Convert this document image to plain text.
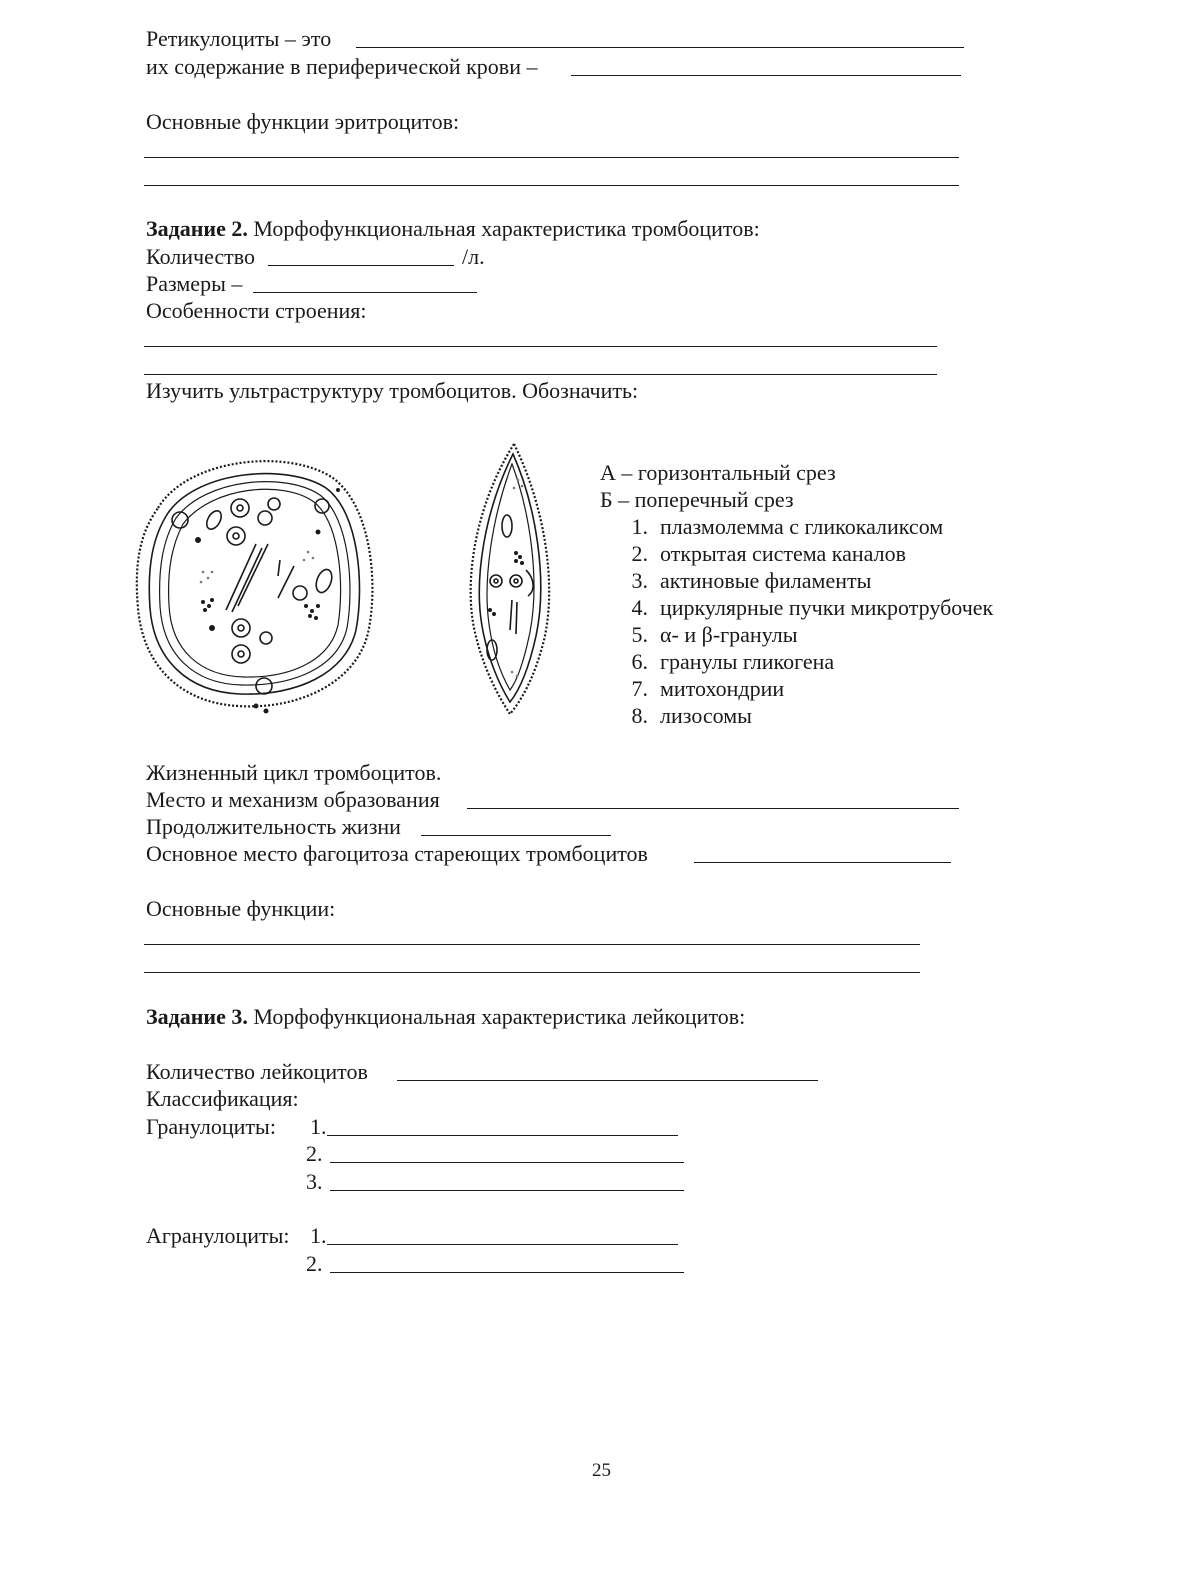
Ретикулоциты – это
их содержание в периферической крови –
Основные функции эритроцитов:
Задание 2. Морфофункциональная характеристика тромбоцитов:
Количество	/л.
Размеры –
Особенности строения:
Изучить ультраструктуру тромбоцитов. Обозначить:
А – горизонтальный срез
Б – поперечный срез
1. плазмолемма с гликокаликсом
2. открытая система каналов
3. актиновые филаменты
4. циркулярные пучки микротрубочек
5. α- и β-гранулы
6. гранулы гликогена
7. митохондрии
8. лизосомы
Жизненный цикл тромбоцитов.
Место и механизм образования
Продолжительность жизни
Основное место фагоцитоза стареющих тромбоцитов
Основные функции:
Задание 3. Морфофункциональная характеристика лейкоцитов:
Количество лейкоцитов
Классификация:
Гранулоциты: 1.
2.
3.
Агранулоциты: 1.
2.
25
